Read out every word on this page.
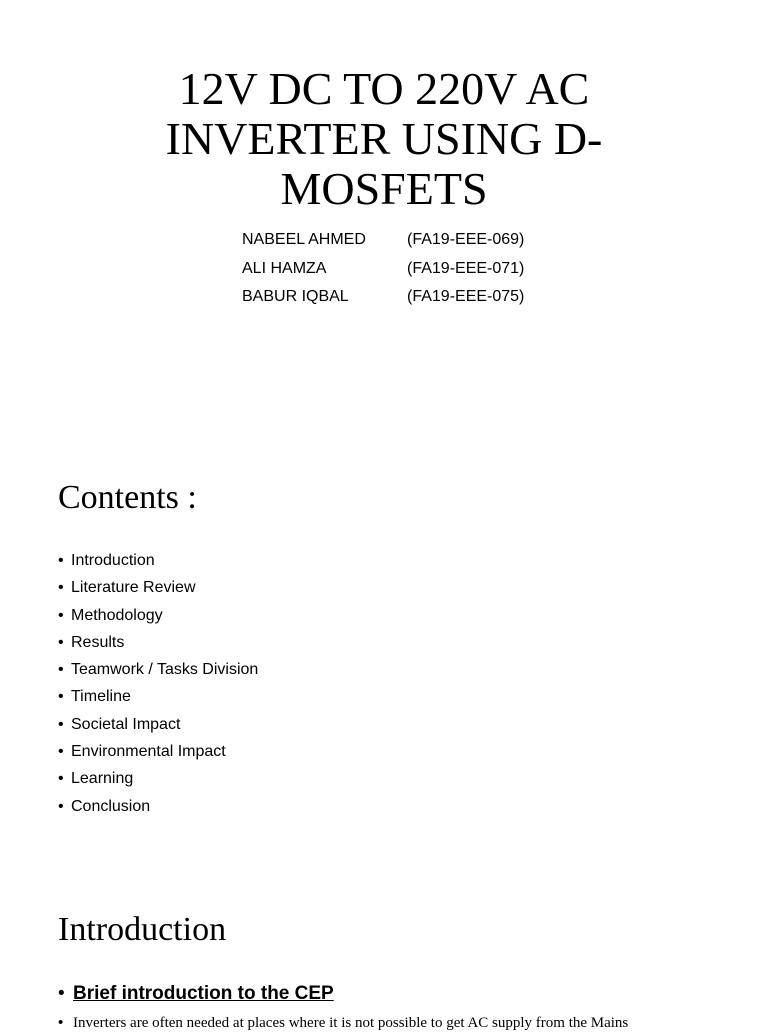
12V DC TO 220V AC
INVERTER USING D-
MOSFETS
NABEEL AHMED	(FA19-EEE-069)
ALI HAMZA	(FA19-EEE-071)
BABUR IQBAL	(FA19-EEE-075)
Contents :
• Introduction
• Literature Review
• Methodology
• Results
• Teamwork / Tasks Division
• Timeline
• Societal Impact
• Environmental Impact
• Learning
• Conclusion
Introduction
• Brief introduction to the CEP
• Inverters are often needed at places where it is not possible to get AC supply from the Mains
